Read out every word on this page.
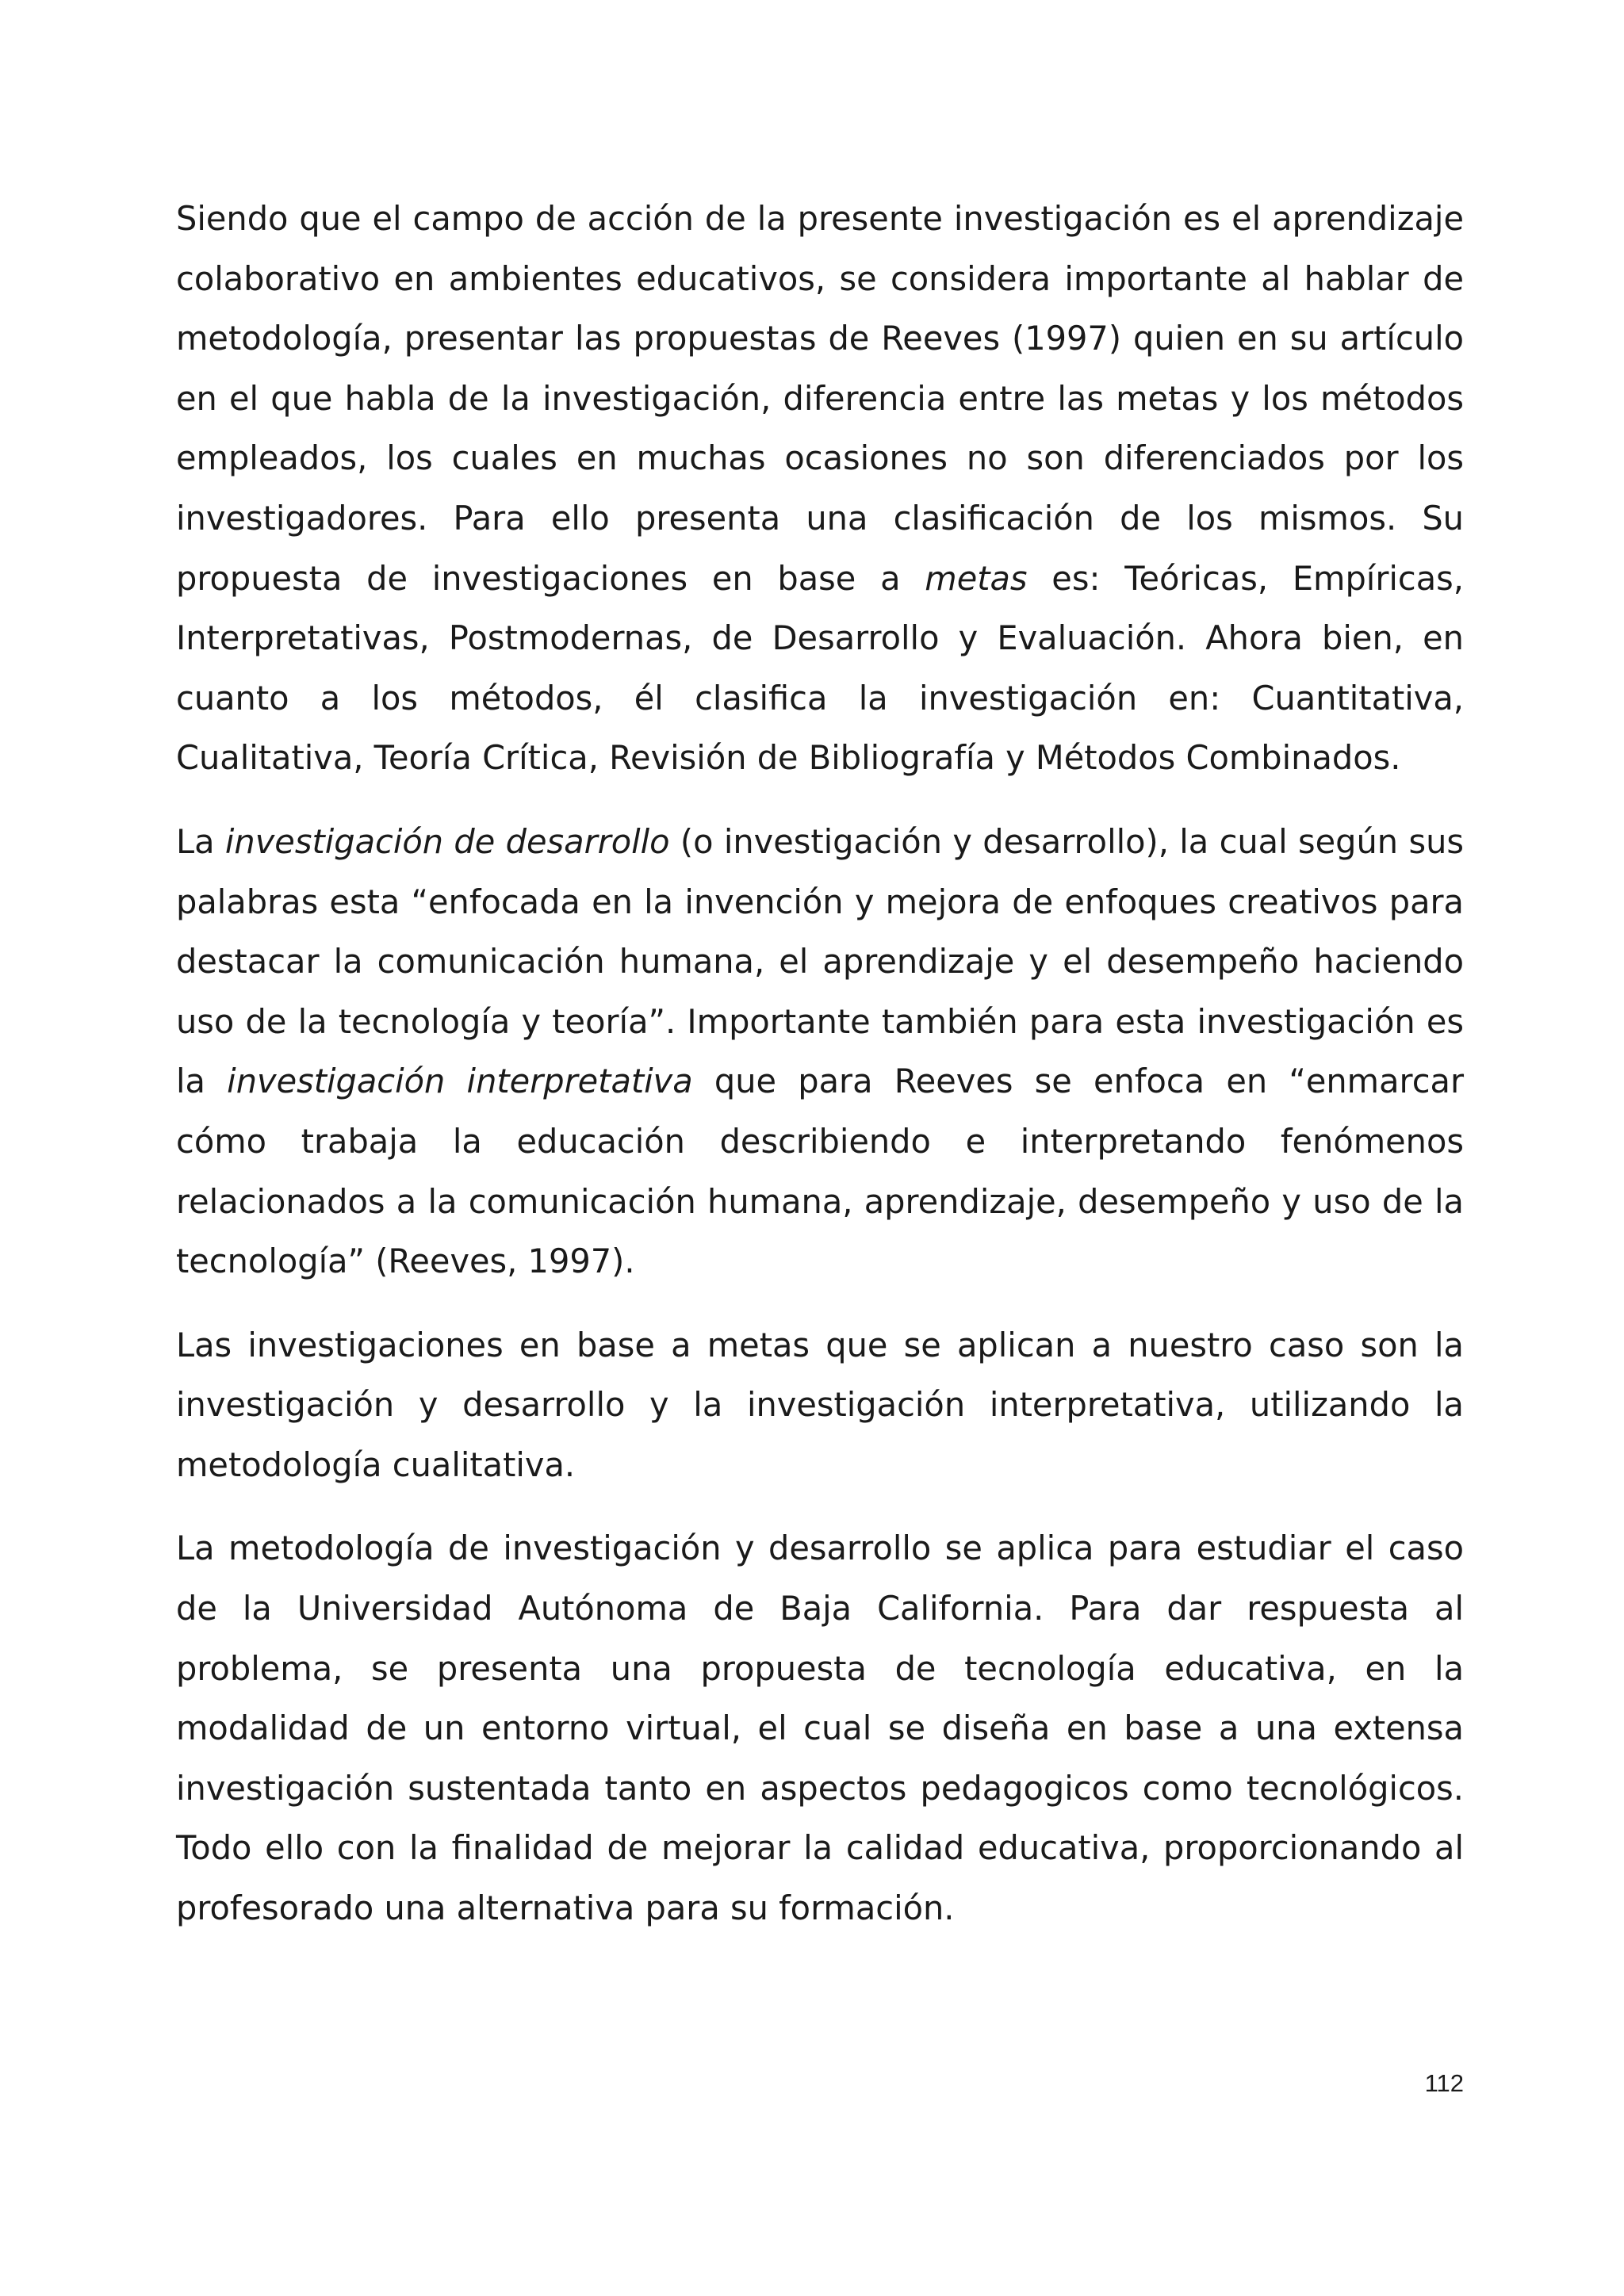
Siendo que el campo de acción de la presente investigación es el aprendizaje colaborativo en ambientes educativos, se considera importante al hablar de metodología, presentar las propuestas de Reeves (1997) quien en su artículo en el que habla de la investigación, diferencia entre las metas y los métodos empleados, los cuales en muchas ocasiones no son diferenciados por los investigadores. Para ello presenta una clasificación de los mismos. Su propuesta de investigaciones en base a metas es: Teóricas, Empíricas, Interpretativas, Postmodernas, de Desarrollo y Evaluación. Ahora bien, en cuanto a los métodos, él clasifica la investigación en: Cuantitativa, Cualitativa, Teoría Crítica, Revisión de Bibliografía y Métodos Combinados.

La investigación de desarrollo (o investigación y desarrollo), la cual según sus palabras esta “enfocada en la invención y mejora de enfoques creativos para destacar la comunicación humana, el aprendizaje y el desempeño haciendo uso de la tecnología y teoría”. Importante también para esta investigación es la investigación interpretativa que para Reeves se enfoca en “enmarcar cómo trabaja la educación describiendo e interpretando fenómenos relacionados a la comunicación humana, aprendizaje, desempeño y uso de la tecnología” (Reeves, 1997).

Las investigaciones en base a metas que se aplican a nuestro caso son la investigación y desarrollo y la investigación interpretativa, utilizando la metodología cualitativa.

La metodología de investigación y desarrollo se aplica para estudiar el caso de la Universidad Autónoma de Baja California. Para dar respuesta al problema, se presenta una propuesta de tecnología educativa, en la modalidad de un entorno virtual, el cual se diseña en base a una extensa investigación sustentada tanto en aspectos pedagogicos como tecnológicos. Todo ello con la finalidad de mejorar la calidad educativa, proporcionando al profesorado una alternativa para su formación.

112
